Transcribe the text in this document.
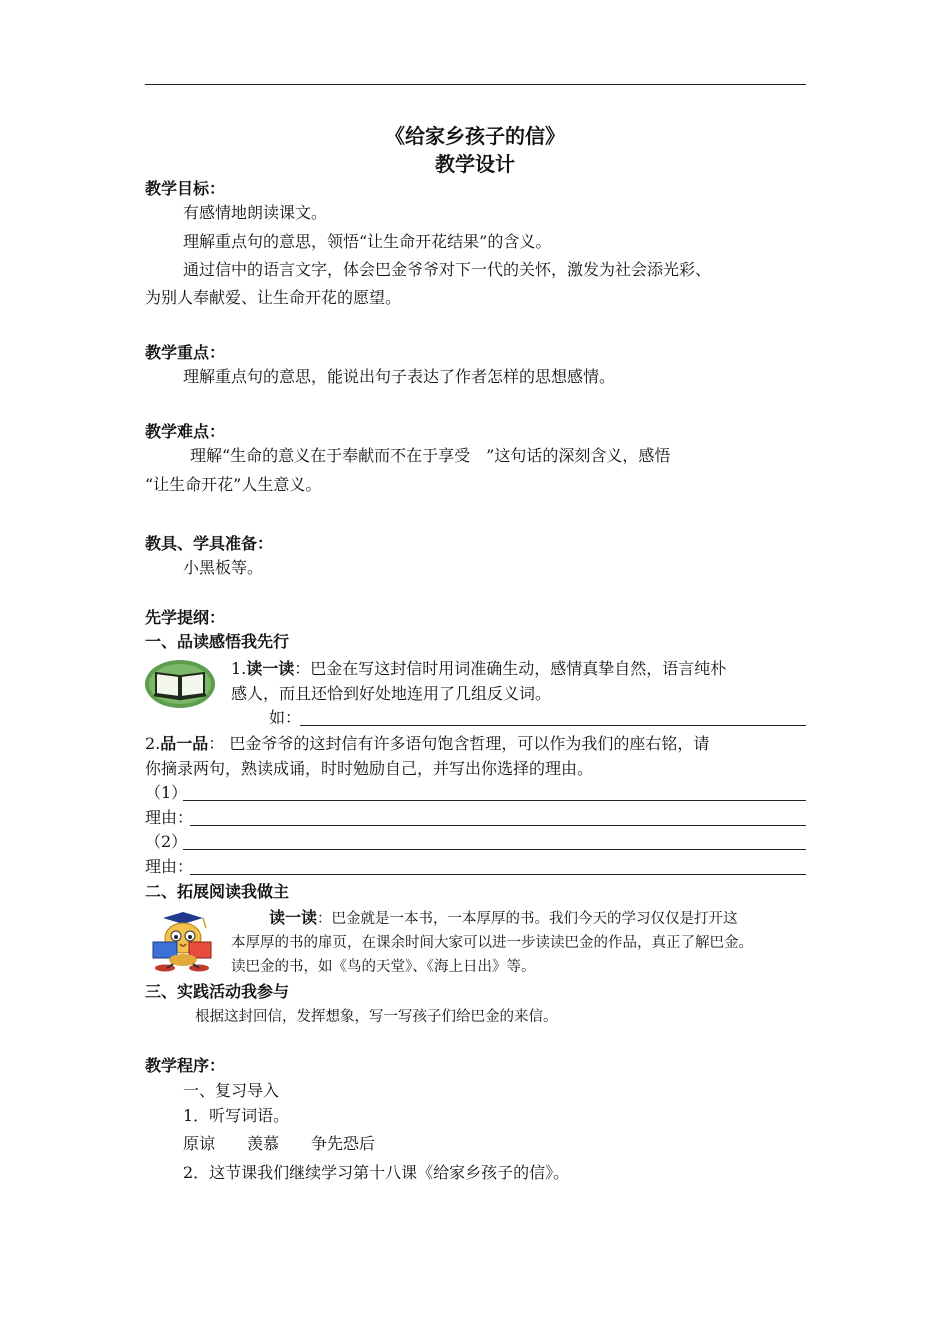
《给家乡孩子的信》
教学设计
教学目标：
有感情地朗读课文。
理解重点句的意思，领悟“让生命开花结果”的含义。
通过信中的语言文字，体会巴金爷爷对下一代的关怀，激发为社会添光彩、
为别人奉献爱、让生命开花的愿望。
教学重点：
理解重点句的意思，能说出句子表达了作者怎样的思想感情。
教学难点：
理解“生命的意义在于奉献而不在于享受　”这句话的深刻含义，感悟
“让生命开花”人生意义。
教具、学具准备：
小黑板等。
先学提纲：
一、品读感悟我先行
1.读一读：巴金在写这封信时用词准确生动，感情真挚自然，语言纯朴
感人，而且还恰到好处地连用了几组反义词。
如：
2.品一品： 巴金爷爷的这封信有许多语句饱含哲理，可以作为我们的座右铭，请
你摘录两句，熟读成诵，时时勉励自己，并写出你选择的理由。
（1）
理由：
（2）
理由：
二、拓展阅读我做主
读一读：巴金就是一本书，一本厚厚的书。我们今天的学习仅仅是打开这
本厚厚的书的扉页，在课余时间大家可以进一步读读巴金的作品，真正了解巴金。
读巴金的书，如《鸟的天堂》、《海上日出》等。
三、实践活动我参与
根据这封回信，发挥想象，写一写孩子们给巴金的来信。
教学程序：
一、复习导入
1．听写词语。
原谅　　羡慕　　争先恐后
2．这节课我们继续学习第十八课《给家乡孩子的信》。
